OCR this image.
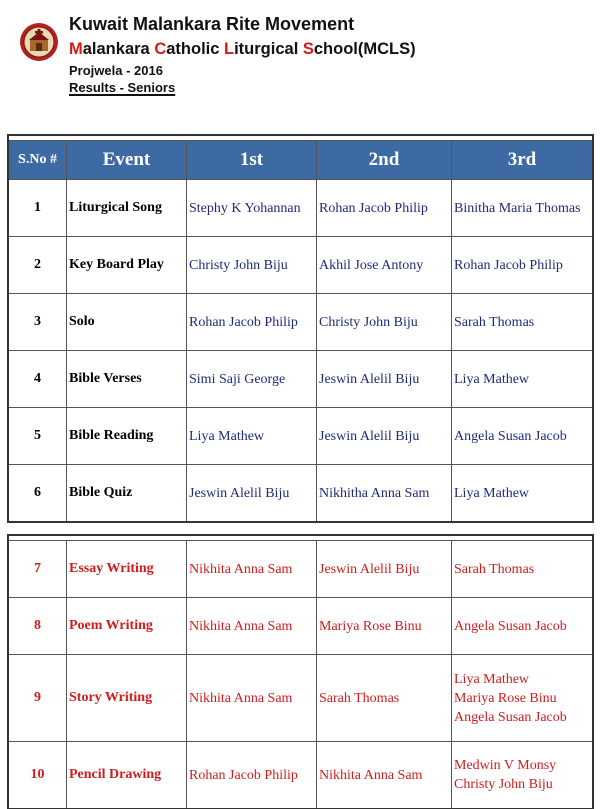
Kuwait Malankara Rite Movement
Malankara Catholic Liturgical School(MCLS)
Projwela - 2016
Results - Seniors

S.No #	Event	1st	2nd	3rd
1	Liturgical Song	Stephy K Yohannan	Rohan Jacob Philip	Binitha Maria Thomas

2	Key Board Play	Christy John Biju	Akhil Jose Antony	Rohan Jacob Philip

3	Solo	Rohan Jacob Philip	Christy John Biju	Sarah Thomas

4	Bible Verses	Simi Saji George	Jeswin Alelil Biju	Liya Mathew

5	Bible Reading	Liya Mathew	Jeswin Alelil Biju	Angela Susan Jacob

6	Bible Quiz	Jeswin Alelil Biju	Nikhitha Anna Sam	Liya Mathew

7	Essay Writing	Nikhita Anna Sam	Jeswin Alelil Biju	Sarah Thomas

8	Poem Writing	Nikhita Anna Sam	Mariya Rose Binu	Angela Susan Jacob

9	Story Writing	Nikhita Anna Sam	Sarah Thomas	Liya Mathew
Mariya Rose Binu
Angela Susan Jacob

10	Pencil Drawing	Rohan Jacob Philip	Nikhita Anna Sam	Medwin V Monsy
Christy John Biju
